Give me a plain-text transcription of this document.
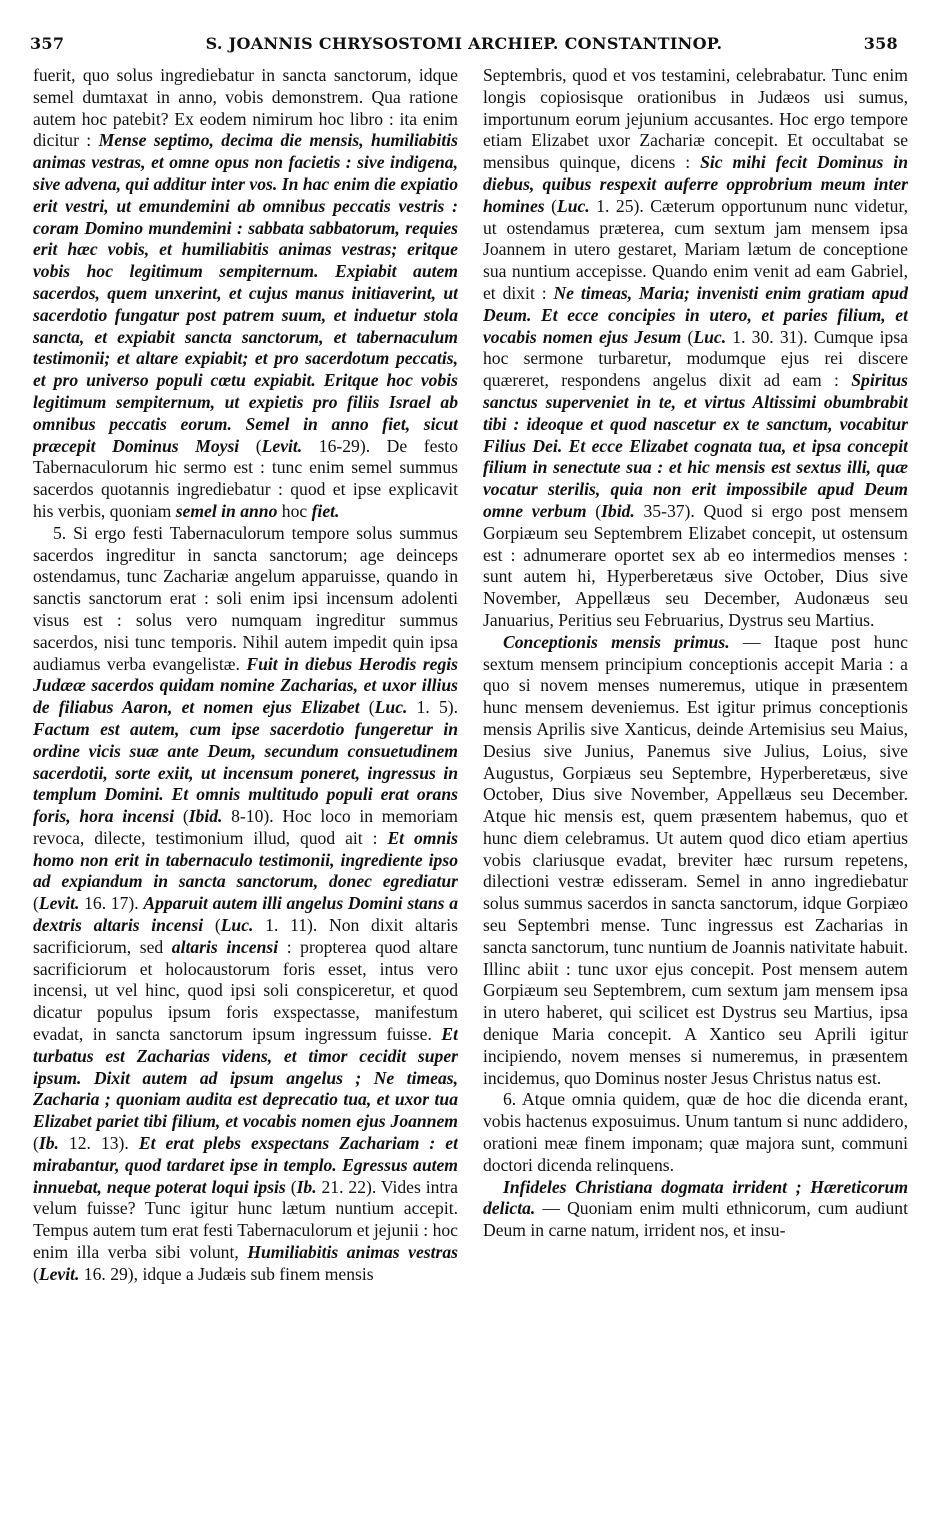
357	S. JOANNIS CHRYSOSTOMI ARCHIEP. CONSTANTINOP.	358

fuerit, quo solus ingrediebatur in sancta sanctorum, idque semel dumtaxat in anno, vobis demonstrem. Qua ratione autem hoc patebit? Ex eodem nimirum hoc libro : ita enim dicitur : Mense septimo, decima die mensis, humiliabitis animas vestras, et omne opus non facietis : sive indigena, sive advena, qui additur inter vos. In hac enim die expiatio erit vestri, ut emundemini ab omnibus peccatis vestris : coram Domino mundemini : sabbata sabbatorum, requies erit hæc vobis, et humiliabitis animas vestras; eritque vobis hoc legitimum sempiternum. Expiabit autem sacerdos, quem unxerint, et cujus manus initiaverint, ut sacerdotio fungatur post patrem suum, et induetur stola sancta, et expiabit sancta sanctorum, et tabernaculum testimonii; et altare expiabit; et pro sacerdotum peccatis, et pro universo populi cœtu expiabit. Eritque hoc vobis legitimum sempiternum, ut expietis pro filiis Israel ab omnibus peccatis eorum. Semel in anno fiet, sicut præcepit Dominus Moysi (Levit. 16-29). De festo Tabernaculorum hic sermo est : tunc enim semel summus sacerdos quotannis ingrediebatur : quod et ipse explicavit his verbis, quoniam semel in anno hoc fiet.

5. Si ergo festi Tabernaculorum tempore solus summus sacerdos ingreditur in sancta sanctorum; age deinceps ostendamus, tunc Zachariæ angelum apparuisse, quando in sanctis sanctorum erat : soli enim ipsi incensum adolenti visus est : solus vero numquam ingreditur summus sacerdos, nisi tunc temporis. Nihil autem impedit quin ipsa audiamus verba evangelistæ. Fuit in diebus Herodis regis Judææ sacerdos quidam nomine Zacharias, et uxor illius de filiabus Aaron, et nomen ejus Elizabet (Luc. 1. 5). Factum est autem, cum ipse sacerdotio fungeretur in ordine vicis suæ ante Deum, secundum consuetudinem sacerdotii, sorte exiit, ut incensum poneret, ingressus in templum Domini. Et omnis multitudo populi erat orans foris, hora incensi (Ibid. 8-10). Hoc loco in memoriam revoca, dilecte, testimonium illud, quod ait : Et omnis homo non erit in tabernaculo testimonii, ingrediente ipso ad expiandum in sancta sanctorum, donec egrediatur (Levit. 16. 17). Apparuit autem illi angelus Domini stans a dextris altaris incensi (Luc. 1. 11). Non dixit altaris sacrificiorum, sed altaris incensi : propterea quod altare sacrificiorum et holocaustorum foris esset, intus vero incensi, ut vel hinc, quod ipsi soli conspiceretur, et quod dicatur populus ipsum foris exspectasse, manifestum evadat, in sancta sanctorum ipsum ingressum fuisse. Et turbatus est Zacharias videns, et timor cecidit super ipsum. Dixit autem ad ipsum angelus ; Ne timeas, Zacharia ; quoniam audita est deprecatio tua, et uxor tua Elizabet pariet tibi filium, et vocabis nomen ejus Joannem (Ib. 12. 13). Et erat plebs exspectans Zachariam : et mirabantur, quod tardaret ipse in templo. Egressus autem innuebat, neque poterat loqui ipsis (Ib. 21. 22). Vides intra velum fuisse? Tunc igitur hunc lætum nuntium accepit. Tempus autem tum erat festi Tabernaculorum et jejunii : hoc enim illa verba sibi volunt, Humiliabitis animas vestras (Levit. 16. 29), idque a Judæis sub finem mensis

Septembris, quod et vos testamini, celebrabatur. Tunc enim longis copiosisque orationibus in Judæos usi sumus, importunum eorum jejunium accusantes. Hoc ergo tempore etiam Elizabet uxor Zachariæ concepit. Et occultabat se mensibus quinque, dicens : Sic mihi fecit Dominus in diebus, quibus respexit auferre opprobrium meum inter homines (Luc. 1. 25). Cæterum opportunum nunc videtur, ut ostendamus præterea, cum sextum jam mensem ipsa Joannem in utero gestaret, Mariam lætum de conceptione sua nuntium accepisse. Quando enim venit ad eam Gabriel, et dixit : Ne timeas, Maria; invenisti enim gratiam apud Deum. Et ecce concipies in utero, et paries filium, et vocabis nomen ejus Jesum (Luc. 1. 30. 31). Cumque ipsa hoc sermone turbaretur, modumque ejus rei discere quæreret, respondens angelus dixit ad eam : Spiritus sanctus superveniet in te, et virtus Altissimi obumbrabit tibi : ideoque et quod nascetur ex te sanctum, vocabitur Filius Dei. Et ecce Elizabet cognata tua, et ipsa concepit filium in senectute sua : et hic mensis est sextus illi, quæ vocatur sterilis, quia non erit impossibile apud Deum omne verbum (Ibid. 35-37). Quod si ergo post mensem Gorpiæum seu Septembrem Elizabet concepit, ut ostensum est : adnumerare oportet sex ab eo intermedios menses : sunt autem hi, Hyperberetæus sive October, Dius sive November, Appellæus seu December, Audonæus seu Januarius, Peritius seu Februarius, Dystrus seu Martius.

Conceptionis mensis primus. — Itaque post hunc sextum mensem principium conceptionis accepit Maria : a quo si novem menses numeremus, utique in præsentem hunc mensem deveniemus. Est igitur primus conceptionis mensis Aprilis sive Xanticus, deinde Artemisius seu Maius, Desius sive Junius, Panemus sive Julius, Loius, sive Augustus, Gorpiæus seu Septembre, Hyperberetæus, sive October, Dius sive November, Appellæus seu December. Atque hic mensis est, quem præsentem habemus, quo et hunc diem celebramus. Ut autem quod dico etiam apertius vobis clariusque evadat, breviter hæc rursum repetens, dilectioni vestræ edisseram. Semel in anno ingrediebatur solus summus sacerdos in sancta sanctorum, idque Gorpiæo seu Septembri mense. Tunc ingressus est Zacharias in sancta sanctorum, tunc nuntium de Joannis nativitate habuit. Illinc abiit : tunc uxor ejus concepit. Post mensem autem Gorpiæum seu Septembrem, cum sextum jam mensem ipsa in utero haberet, qui scilicet est Dystrus seu Martius, ipsa denique Maria concepit. A Xantico seu Aprili igitur incipiendo, novem menses si numeremus, in præsentem incidemus, quo Dominus noster Jesus Christus natus est.

6. Atque omnia quidem, quæ de hoc die dicenda erant, vobis hactenus exposuimus. Unum tantum si nunc addidero, orationi meæ finem imponam; quæ majora sunt, communi doctori dicenda relinquens.

Infideles Christiana dogmata irrident ; Hæreticorum delicta. — Quoniam enim multi ethnicorum, cum audiunt Deum in carne natum, irrident nos, et insu-
